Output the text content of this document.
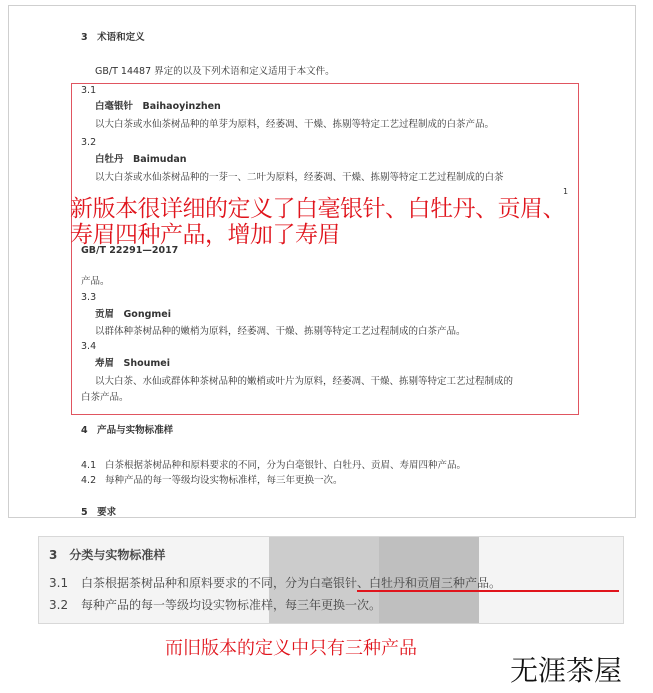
3　术语和定义
GB/T 14487 界定的以及下列术语和定义适用于本文件。
3.1
白毫银针　Baihaoyinzhen
以大白茶或水仙茶树品种的单芽为原料，经萎凋、干燥、拣剔等特定工艺过程制成的白茶产品。
3.2
白牡丹　Baimudan
以大白茶或水仙茶树品种的一芽一、二叶为原料，经萎凋、干燥、拣剔等特定工艺过程制成的白茶
1
GB/T 22291—2017
产品。
3.3
贡眉　Gongmei
以群体种茶树品种的嫩梢为原料，经萎凋、干燥、拣剔等特定工艺过程制成的白茶产品。
3.4
寿眉　Shoumei
以大白茶、水仙或群体种茶树品种的嫩梢或叶片为原料，经萎凋、干燥、拣剔等特定工艺过程制成的
白茶产品。
4　产品与实物标准样
4.1 白茶根据茶树品种和原料要求的不同，分为白毫银针、白牡丹、贡眉、寿眉四种产品。
4.2 每种产品的每一等级均设实物标准样，每三年更换一次。
5　要求
新版本很详细的定义了白毫银针、白牡丹、贡眉、
寿眉四种产品，增加了寿眉
3　分类与实物标准样
3.1 白茶根据茶树品种和原料要求的不同，分为白毫银针、白牡丹和贡眉三种产品。
3.2 每种产品的每一等级均设实物标准样，每三年更换一次。
而旧版本的定义中只有三种产品
无涯茶屋
